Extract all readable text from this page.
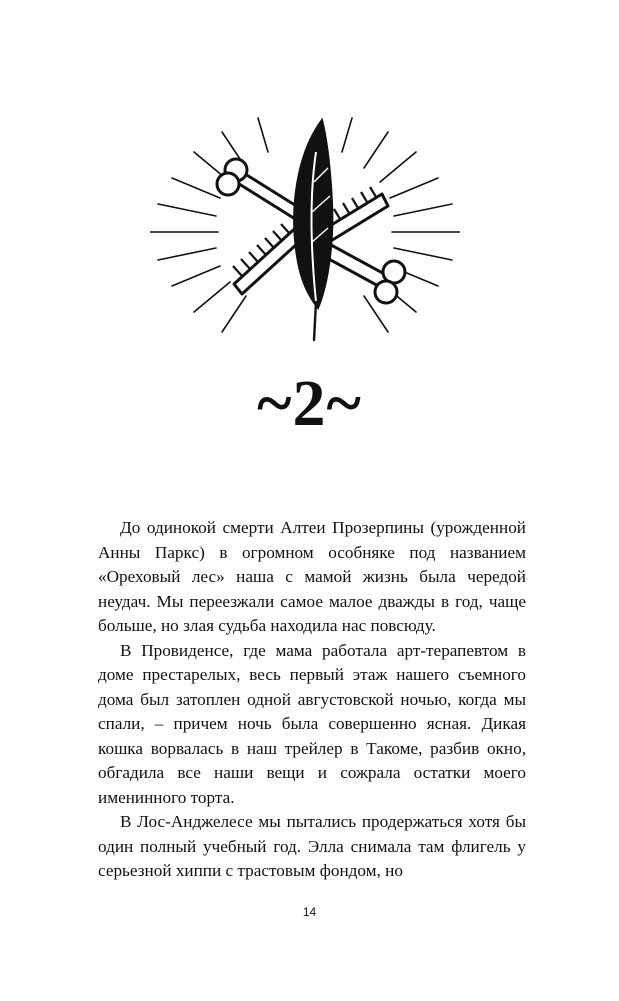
~2~

До одинокой смерти Алтеи Прозерпины (урожденной Анны Паркс) в огромном особняке под названием «Ореховый лес» наша с мамой жизнь была чередой неудач. Мы переезжали самое малое дважды в год, чаще больше, но злая судьба находила нас повсюду.

В Провиденсе, где мама работала арт-терапевтом в доме престарелых, весь первый этаж нашего съемного дома был затоплен одной августовской ночью, когда мы спали, – причем ночь была совершенно ясная. Дикая кошка ворвалась в наш трейлер в Такоме, разбив окно, обгадила все наши вещи и сожрала остатки моего именинного торта.

В Лос-Анджелесе мы пытались продержаться хотя бы один полный учебный год. Элла снимала там флигель у серьезной хиппи с трастовым фондом, но

14
